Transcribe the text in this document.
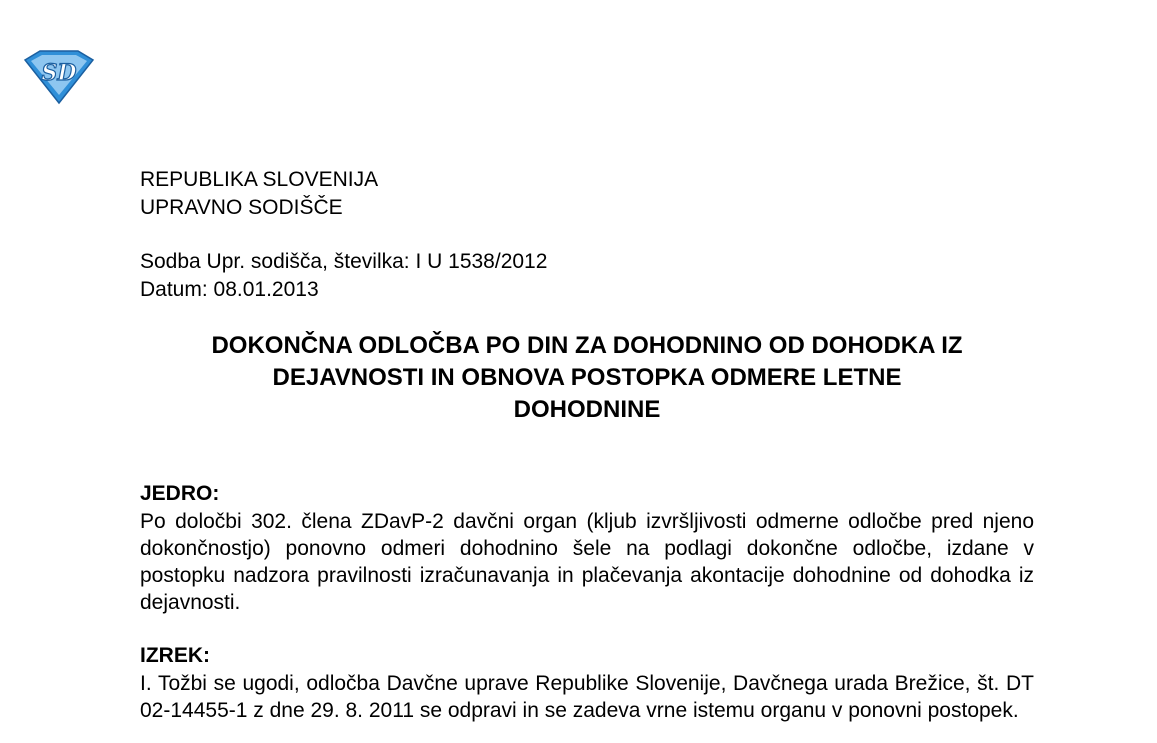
SD
REPUBLIKA SLOVENIJA
UPRAVNO SODIŠČE
Sodba Upr. sodišča, številka: I U 1538/2012
Datum: 08.01.2013
DOKONČNA ODLOČBA PO DIN ZA DOHODNINO OD DOHODKA IZ
DEJAVNOSTI IN OBNOVA POSTOPKA ODMERE LETNE
DOHODNINE
JEDRO:
Po določbi 302. člena ZDavP-2 davčni organ (kljub izvršljivosti odmerne odločbe pred njeno dokončnostjo) ponovno odmeri dohodnino šele na podlagi dokončne odločbe, izdane v postopku nadzora pravilnosti izračunavanja in plačevanja akontacije dohodnine od dohodka iz dejavnosti.
IZREK:
I. Tožbi se ugodi, odločba Davčne uprave Republike Slovenije, Davčnega urada Brežice, št. DT 02-14455-1 z dne 29. 8. 2011 se odpravi in se zadeva vrne istemu organu v ponovni postopek.
